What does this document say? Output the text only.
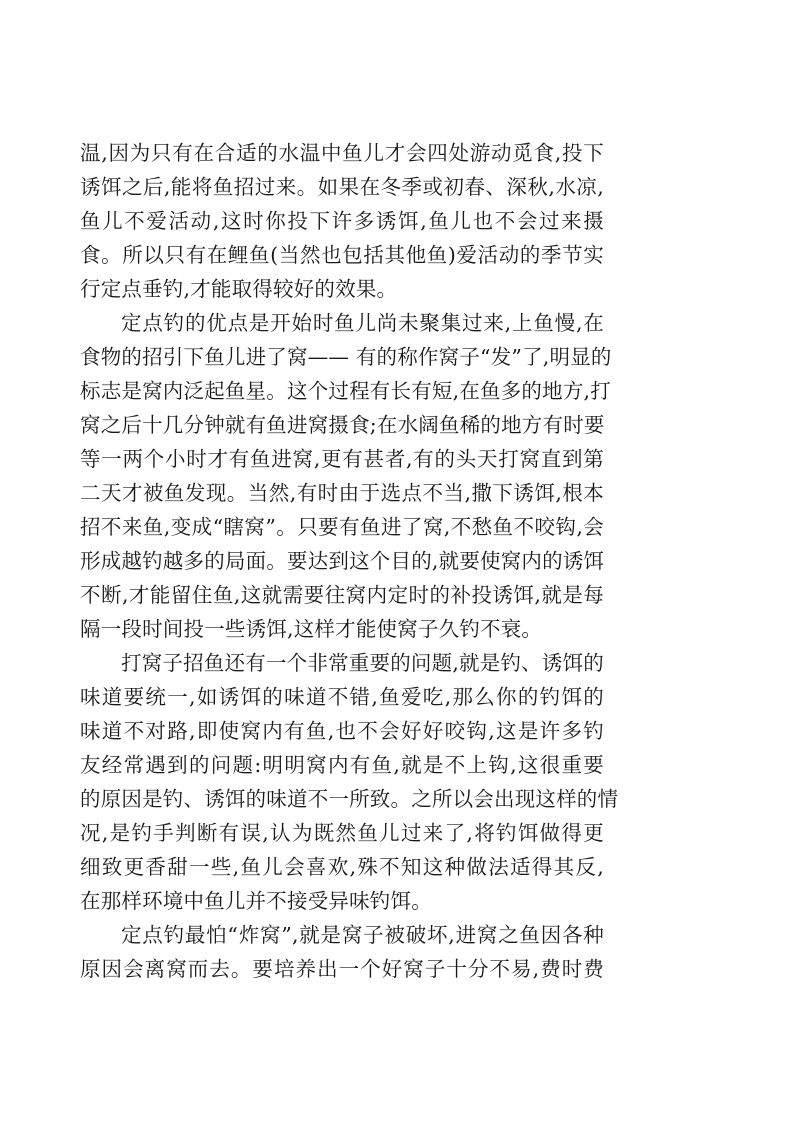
温,因为只有在合适的水温中鱼儿才会四处游动觅食,投下
诱饵之后,能将鱼招过来。如果在冬季或初春、深秋,水凉,
鱼儿不爱活动,这时你投下许多诱饵,鱼儿也不会过来摄
食。所以只有在鲤鱼(当然也包括其他鱼)爱活动的季节实
行定点垂钓,才能取得较好的效果。
定点钓的优点是开始时鱼儿尚未聚集过来,上鱼慢,在
食物的招引下鱼儿进了窝—— 有的称作窝子“发”了,明显的
标志是窝内泛起鱼星。这个过程有长有短,在鱼多的地方,打
窝之后十几分钟就有鱼进窝摄食;在水阔鱼稀的地方有时要
等一两个小时才有鱼进窝,更有甚者,有的头天打窝直到第
二天才被鱼发现。当然,有时由于选点不当,撒下诱饵,根本
招不来鱼,变成“瞎窝”。只要有鱼进了窝,不愁鱼不咬钩,会
形成越钓越多的局面。要达到这个目的,就要使窝内的诱饵
不断,才能留住鱼,这就需要往窝内定时的补投诱饵,就是每
隔一段时间投一些诱饵,这样才能使窝子久钓不衰。
打窝子招鱼还有一个非常重要的问题,就是钓、诱饵的
味道要统一,如诱饵的味道不错,鱼爱吃,那么你的钓饵的
味道不对路,即使窝内有鱼,也不会好好咬钩,这是许多钓
友经常遇到的问题:明明窝内有鱼,就是不上钩,这很重要
的原因是钓、诱饵的味道不一所致。之所以会出现这样的情
况,是钓手判断有误,认为既然鱼儿过来了,将钓饵做得更
细致更香甜一些,鱼儿会喜欢,殊不知这种做法适得其反,
在那样环境中鱼儿并不接受异味钓饵。
定点钓最怕“炸窝”,就是窝子被破坏,进窝之鱼因各种
原因会离窝而去。要培养出一个好窝子十分不易,费时费
